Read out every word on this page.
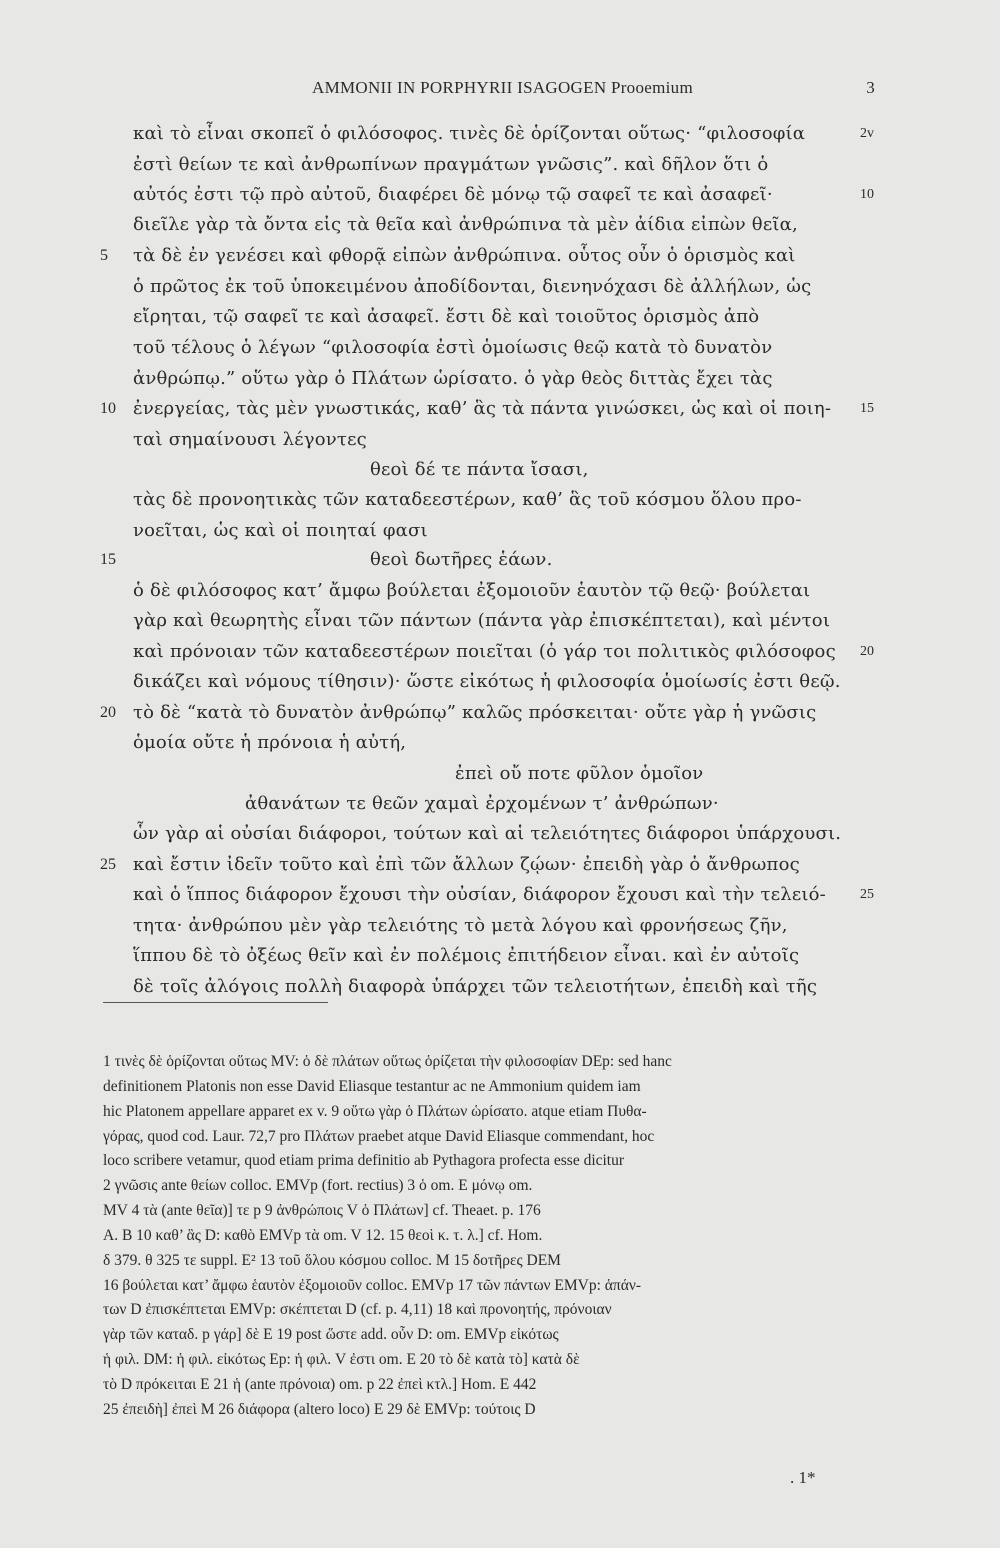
AMMONII IN PORPHYRII ISAGOGEN Prooemium	3
καὶ τὸ εἶναι σκοπεῖ ὁ φιλόσοφος. τινὲς δὲ ὁρίζονται οὕτως· “φιλοσοφία
ἐστὶ θείων τε καὶ ἀνθρωπίνων πραγμάτων γνῶσις”. καὶ δῆλον ὅτι ὁ
αὐτός ἐστι τῷ πρὸ αὐτοῦ, διαφέρει δὲ μόνῳ τῷ σαφεῖ τε καὶ ἀσαφεῖ·
διεῖλε γὰρ τὰ ὄντα εἰς τὰ θεῖα καὶ ἀνθρώπινα τὰ μὲν ἀίδια εἰπὼν θεῖα,
τὰ δὲ ἐν γενέσει καὶ φθορᾷ εἰπὼν ἀνθρώπινα. οὗτος οὖν ὁ ὁρισμὸς καὶ
ὁ πρῶτος ἐκ τοῦ ὑποκειμένου ἀποδίδονται, διενηνόχασι δὲ ἀλλήλων, ὡς
εἴρηται, τῷ σαφεῖ τε καὶ ἀσαφεῖ. ἔστι δὲ καὶ τοιοῦτος ὁρισμὸς ἀπὸ
τοῦ τέλους ὁ λέγων “φιλοσοφία ἐστὶ ὁμοίωσις θεῷ κατὰ τὸ δυνατὸν
ἀνθρώπῳ.” οὕτω γὰρ ὁ Πλάτων ὡρίσατο. ὁ γὰρ θεὸς διττὰς ἔχει τὰς
ἐνεργείας, τὰς μὲν γνωστικάς, καθ’ ἃς τὰ πάντα γινώσκει, ὡς καὶ οἱ ποιη-
ταὶ σημαίνουσι λέγοντες
θεοὶ δέ τε πάντα ἴσασι,
τὰς δὲ προνοητικὰς τῶν καταδεεστέρων, καθ’ ἃς τοῦ κόσμου ὅλου προ-
νοεῖται, ὡς καὶ οἱ ποιηταί φασι
θεοὶ δωτῆρες ἑάων.
ὁ δὲ φιλόσοφος κατ’ ἄμφω βούλεται ἐξομοιοῦν ἑαυτὸν τῷ θεῷ· βούλεται
γὰρ καὶ θεωρητὴς εἶναι τῶν πάντων (πάντα γὰρ ἐπισκέπτεται), καὶ μέντοι
καὶ πρόνοιαν τῶν καταδεεστέρων ποιεῖται (ὁ γάρ τοι πολιτικὸς φιλόσοφος
δικάζει καὶ νόμους τίθησιν)· ὥστε εἰκότως ἡ φιλοσοφία ὁμοίωσίς ἐστι θεῷ.
τὸ δὲ “κατὰ τὸ δυνατὸν ἀνθρώπῳ” καλῶς πρόσκειται· οὔτε γὰρ ἡ γνῶσις
ὁμοία οὔτε ἡ πρόνοια ἡ αὐτή,
ἐπεὶ οὔ ποτε φῦλον ὁμοῖον
ἀθανάτων τε θεῶν χαμαὶ ἐρχομένων τ’ ἀνθρώπων·
ὧν γὰρ αἱ οὐσίαι διάφοροι, τούτων καὶ αἱ τελειότητες διάφοροι ὑπάρχουσι.
καὶ ἔστιν ἰδεῖν τοῦτο καὶ ἐπὶ τῶν ἄλλων ζῴων· ἐπειδὴ γὰρ ὁ ἄνθρωπος
καὶ ὁ ἵππος διάφορον ἔχουσι τὴν οὐσίαν, διάφορον ἔχουσι καὶ τὴν τελειό-
τητα· ἀνθρώπου μὲν γὰρ τελειότης τὸ μετὰ λόγου καὶ φρονήσεως ζῆν,
ἵππου δὲ τὸ ὀξέως θεῖν καὶ ἐν πολέμοις ἐπιτήδειον εἶναι. καὶ ἐν αὐτοῖς
δὲ τοῖς ἀλόγοις πολλὴ διαφορὰ ὑπάρχει τῶν τελειοτήτων, ἐπειδὴ καὶ τῆς
5
10
15
20
25
2v
10
15
20
25
1 τινὲς δὲ ὁρίζονται οὕτως MV: ὁ δὲ πλάτων οὕτως ὁρίζεται τὴν φιλοσοφίαν DEp: sed hanc
definitionem Platonis non esse David Eliasque testantur ac ne Ammonium quidem iam
hic Platonem appellare apparet ex v. 9 οὕτω γὰρ ὁ Πλάτων ὡρίσατο. atque etiam Πυθα-
γόρας, quod cod. Laur. 72,7 pro Πλάτων praebet atque David Eliasque commendant, hoc
loco scribere vetamur, quod etiam prima definitio ab Pythagora profecta esse dicitur
2 γνῶσις ante θείων colloc. EMVp (fort. rectius) 3 ὁ om. E μόνῳ om.
MV 4 τὰ (ante θεῖα)] τε p 9 ἀνθρώποις V ὁ Πλάτων] cf. Theaet. p. 176
A. B 10 καθ’ ἃς D: καθὸ EMVp τὰ om. V 12. 15 θεοὶ κ. τ. λ.] cf. Hom.
δ 379. θ 325 τε suppl. E² 13 τοῦ ὅλου κόσμου colloc. M 15 δοτῆρες DEM
16 βούλεται κατ’ ἄμφω ἑαυτὸν ἐξομοιοῦν colloc. EMVp 17 τῶν πάντων EMVp: ἁπάν-
των D ἐπισκέπτεται EMVp: σκέπτεται D (cf. p. 4,11) 18 καὶ προνοητής, πρόνοιαν
γὰρ τῶν καταδ. p γάρ] δὲ E 19 post ὥστε add. οὖν D: om. EMVp εἰκότως
ἡ φιλ. DM: ἡ φιλ. εἰκότως Ep: ἡ φιλ. V ἐστι om. E 20 τὸ δὲ κατὰ τὸ] κατὰ δὲ
τὸ D πρόκειται E 21 ἡ (ante πρόνοια) om. p 22 ἐπεὶ κτλ.] Hom. E 442
25 ἐπειδὴ] ἐπεὶ M 26 διάφορα (altero loco) E 29 δὲ EMVp: τούτοις D
. 1*
